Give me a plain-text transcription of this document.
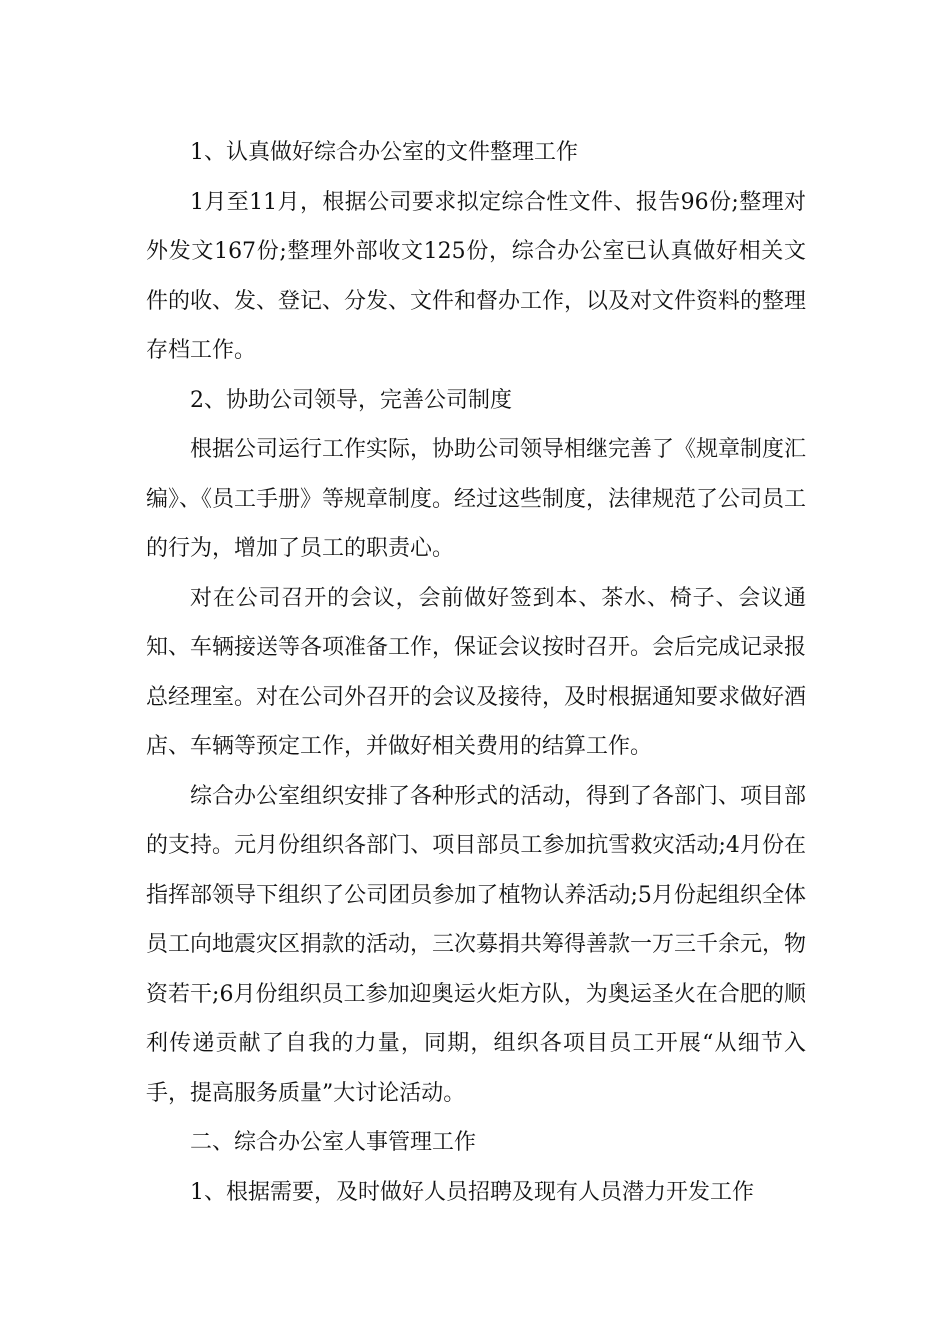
1、认真做好综合办公室的文件整理工作

1月至11月，根据公司要求拟定综合性文件、报告96份;整理对外发文167份;整理外部收文125份，综合办公室已认真做好相关文件的收、发、登记、分发、文件和督办工作，以及对文件资料的整理存档工作。

2、协助公司领导，完善公司制度

根据公司运行工作实际，协助公司领导相继完善了《规章制度汇编》、《员工手册》等规章制度。经过这些制度，法律规范了公司员工的行为，增加了员工的职责心。

对在公司召开的会议，会前做好签到本、茶水、椅子、会议通知、车辆接送等各项准备工作，保证会议按时召开。会后完成记录报总经理室。对在公司外召开的会议及接待，及时根据通知要求做好酒店、车辆等预定工作，并做好相关费用的结算工作。

综合办公室组织安排了各种形式的活动，得到了各部门、项目部的支持。元月份组织各部门、项目部员工参加抗雪救灾活动;4月份在指挥部领导下组织了公司团员参加了植物认养活动;5月份起组织全体员工向地震灾区捐款的活动，三次募捐共筹得善款一万三千余元，物资若干;6月份组织员工参加迎奥运火炬方队，为奥运圣火在合肥的顺利传递贡献了自我的力量，同期，组织各项目员工开展“从细节入手，提高服务质量”大讨论活动。

二、综合办公室人事管理工作

1、根据需要，及时做好人员招聘及现有人员潜力开发工作
